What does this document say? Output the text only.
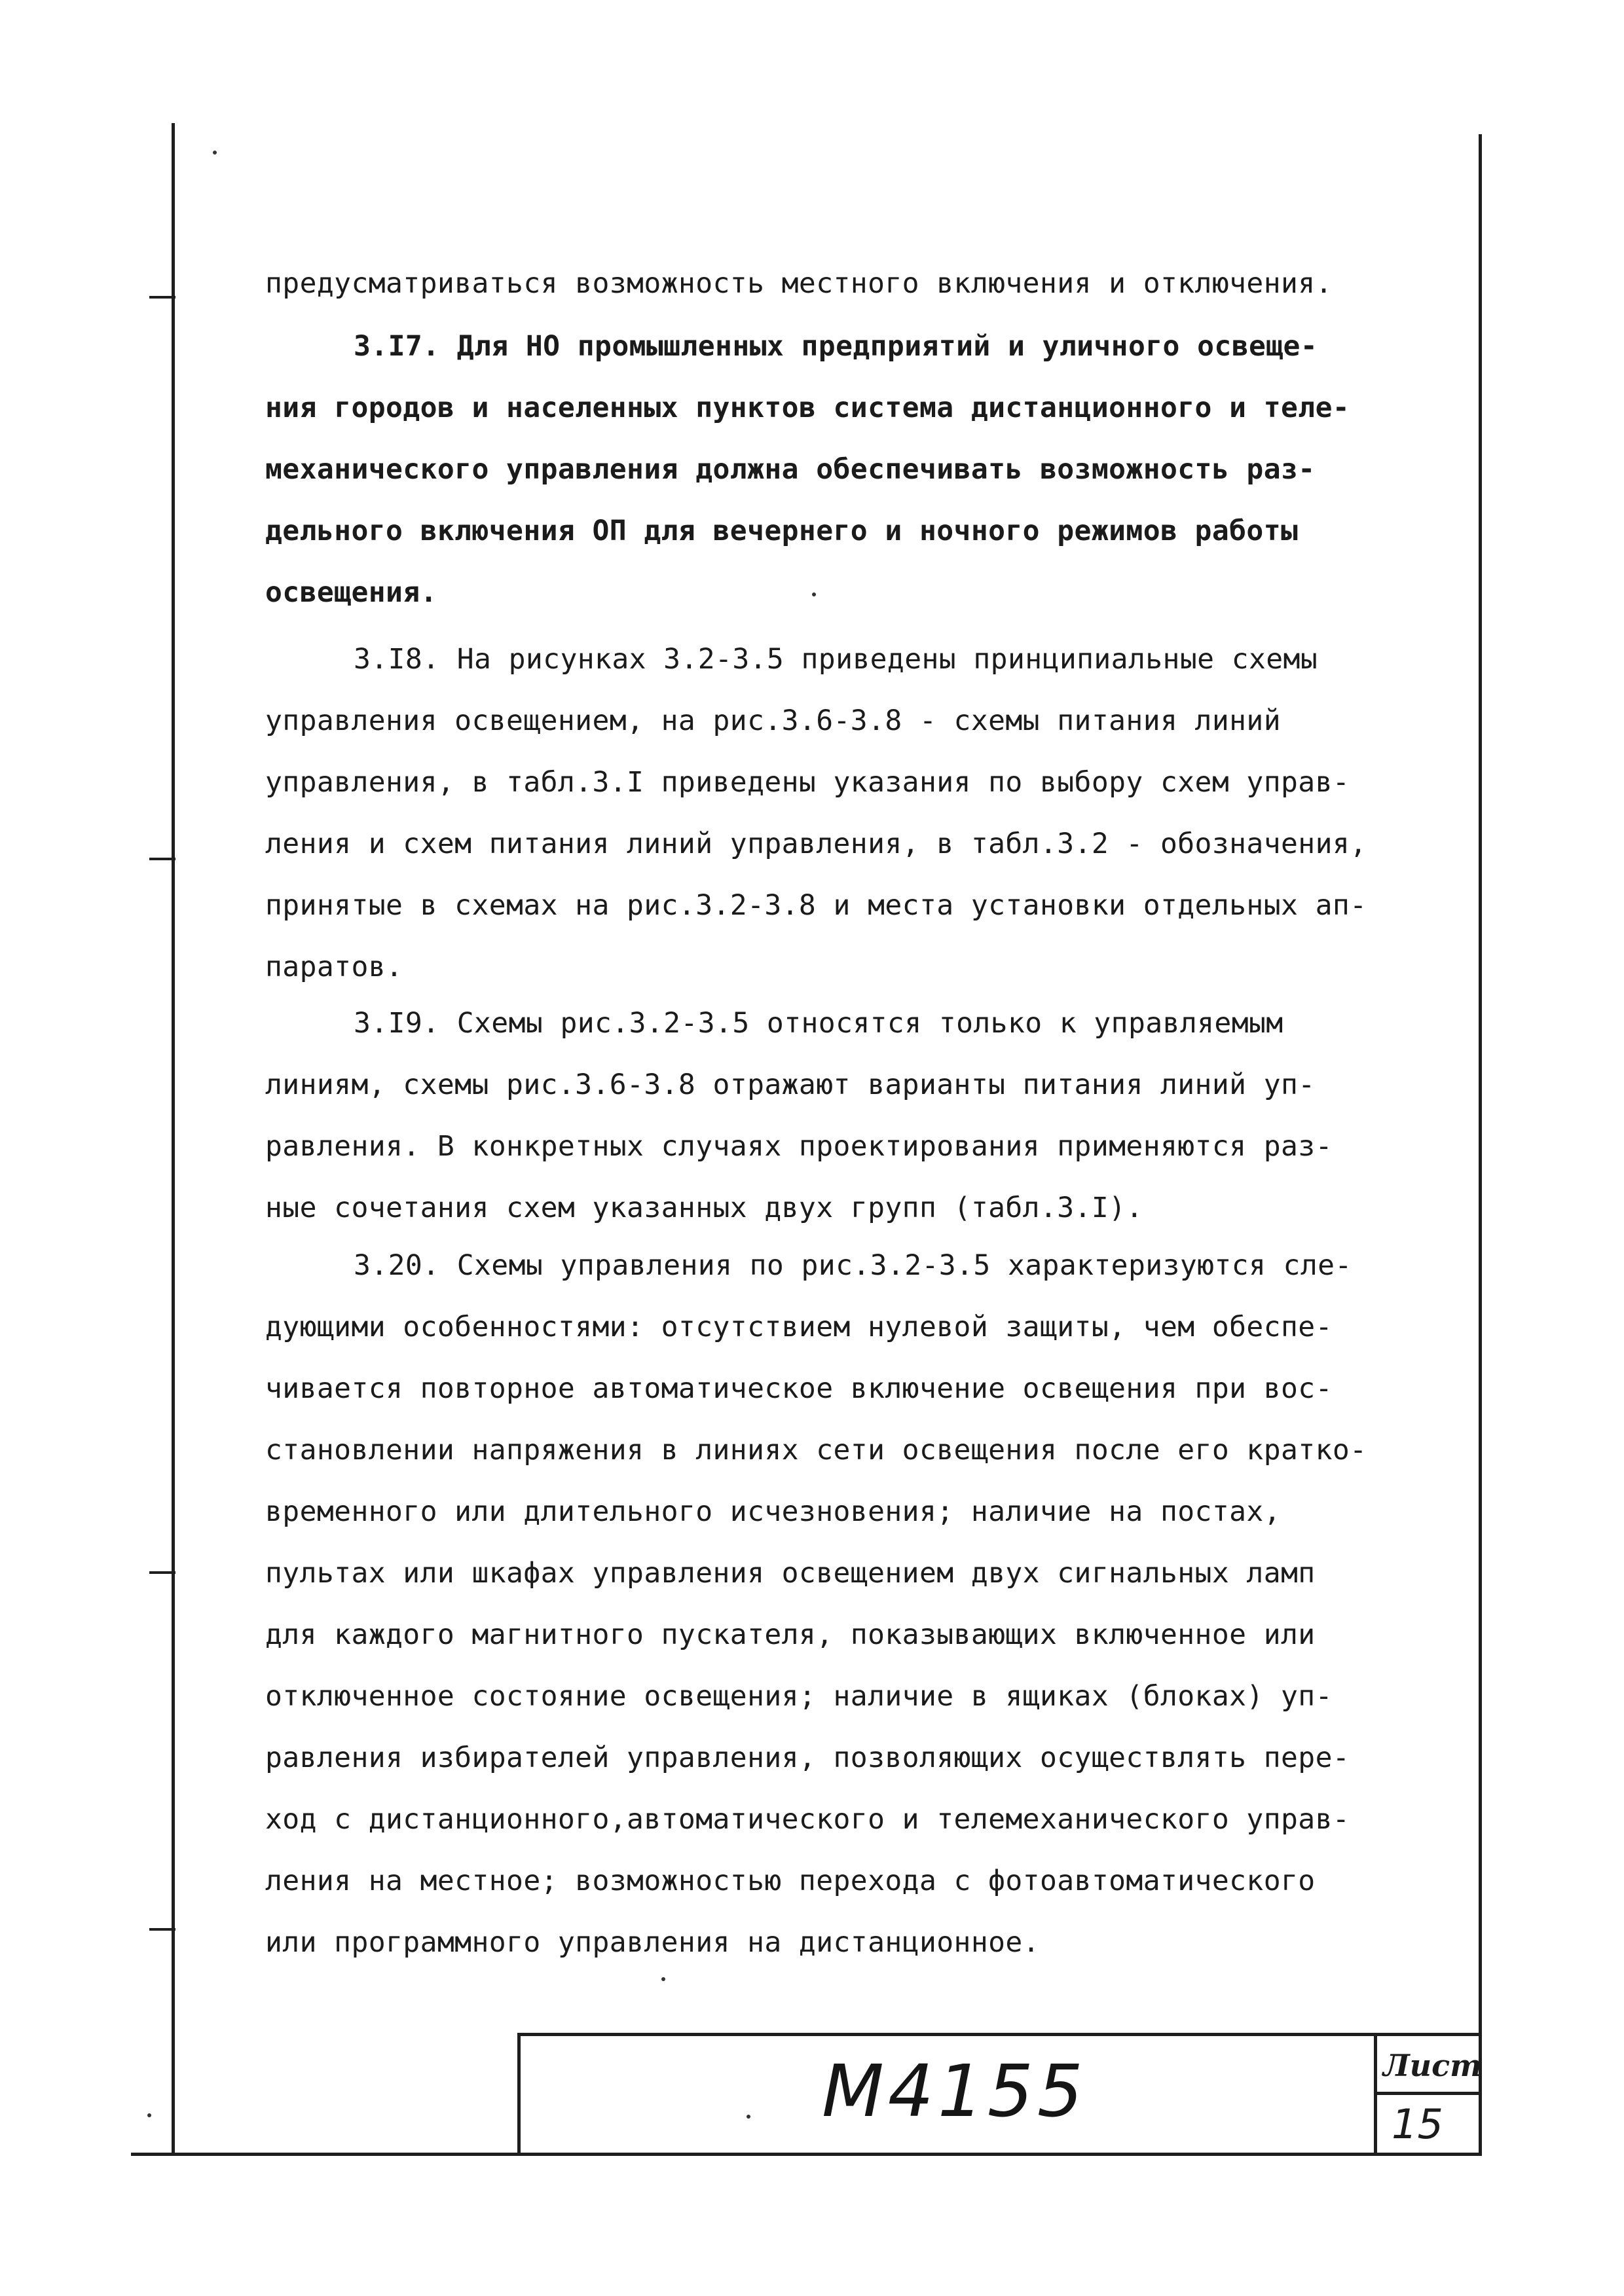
предусматриваться возможность местного включения и отключения.
3.I7. Для НО промышленных предприятий и уличного освеще-
ния городов и населенных пунктов система дистанционного и теле-
механического управления должна обеспечивать возможность раз-
дельного включения ОП для вечернего и ночного режимов работы
освещения.
3.I8. На рисунках 3.2-3.5 приведены принципиальные схемы
управления освещением, на рис.3.6-3.8 - схемы питания линий
управления, в табл.3.I приведены указания по выбору схем управ-
ления и схем питания линий управления, в табл.3.2 - обозначения,
принятые в схемах на рис.3.2-3.8 и места установки отдельных ап-
паратов.
3.I9. Схемы рис.3.2-3.5 относятся только к управляемым
линиям, схемы рис.3.6-3.8 отражают варианты питания линий уп-
равления. В конкретных случаях проектирования применяются раз-
ные сочетания схем указанных двух групп (табл.3.I).
3.20. Схемы управления по рис.3.2-3.5 характеризуются сле-
дующими особенностями: отсутствием нулевой защиты, чем обеспе-
чивается повторное автоматическое включение освещения при вос-
становлении напряжения в линиях сети освещения после его кратко-
временного или длительного исчезновения; наличие на постах,
пультах или шкафах управления освещением двух сигнальных ламп
для каждого магнитного пускателя, показывающих включенное или
отключенное состояние освещения; наличие в ящиках (блоках) уп-
равления избирателей управления, позволяющих осуществлять пере-
ход с дистанционного,автоматического и телемеханического управ-
ления на местное; возможностью перехода с фотоавтоматического
или программного управления на дистанционное.
М4155	Лист
15
